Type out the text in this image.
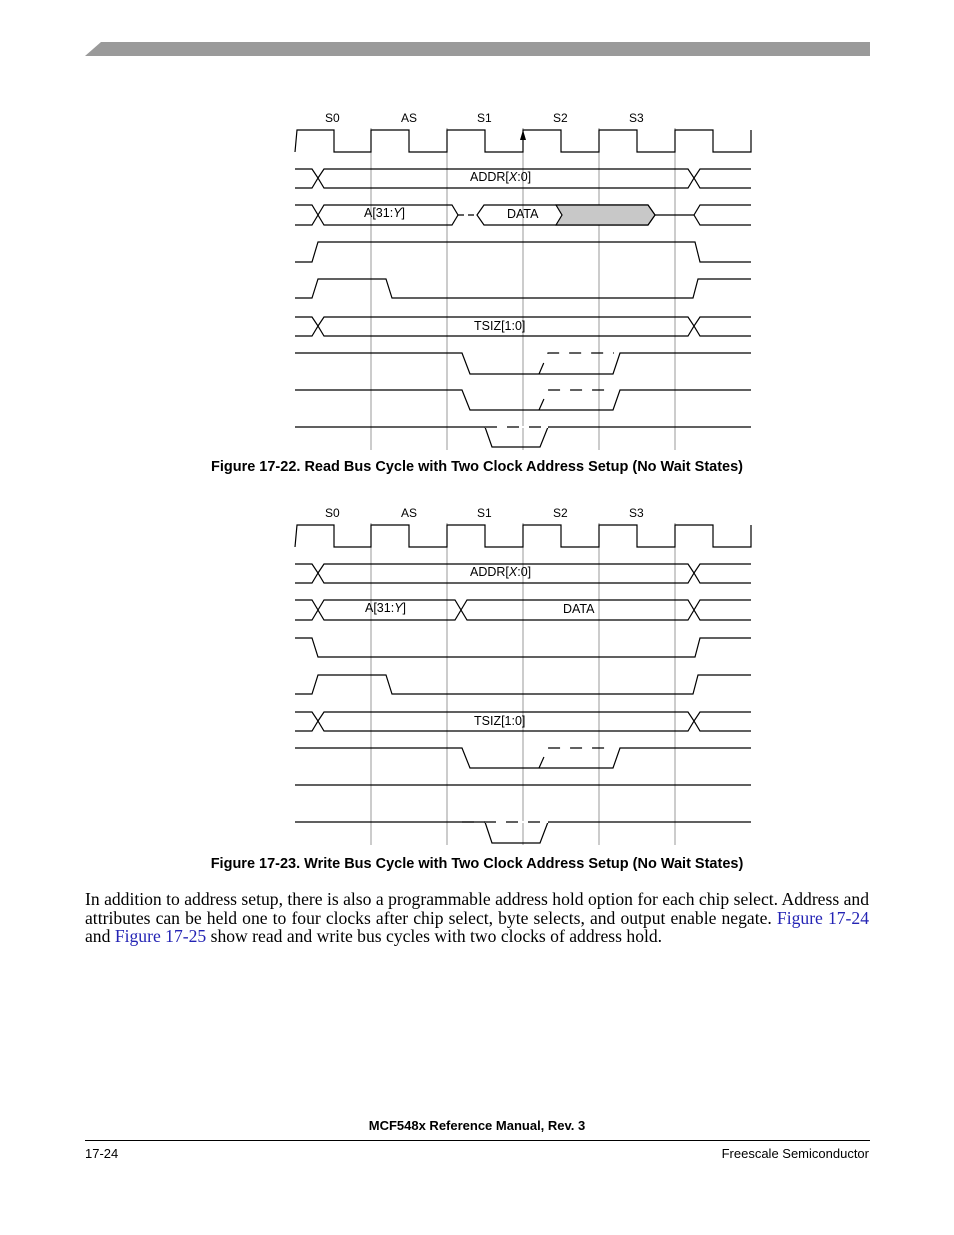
S0	AS	S1	S2	S3
ADDR[X:0]
A[31:Y]	DATA
TSIZ[1:0]
Figure 17-22. Read Bus Cycle with Two Clock Address Setup (No Wait States)
S0	AS	S1	S2	S3
ADDR[X:0]
A[31:Y]	DATA
TSIZ[1:0]
Figure 17-23. Write Bus Cycle with Two Clock Address Setup (No Wait States)
In addition to address setup, there is also a programmable address hold option for each chip select. Address and attributes can be held one to four clocks after chip select, byte selects, and output enable negate. Figure 17-24 and Figure 17-25 show read and write bus cycles with two clocks of address hold.
MCF548x Reference Manual, Rev. 3
17-24	Freescale Semiconductor
